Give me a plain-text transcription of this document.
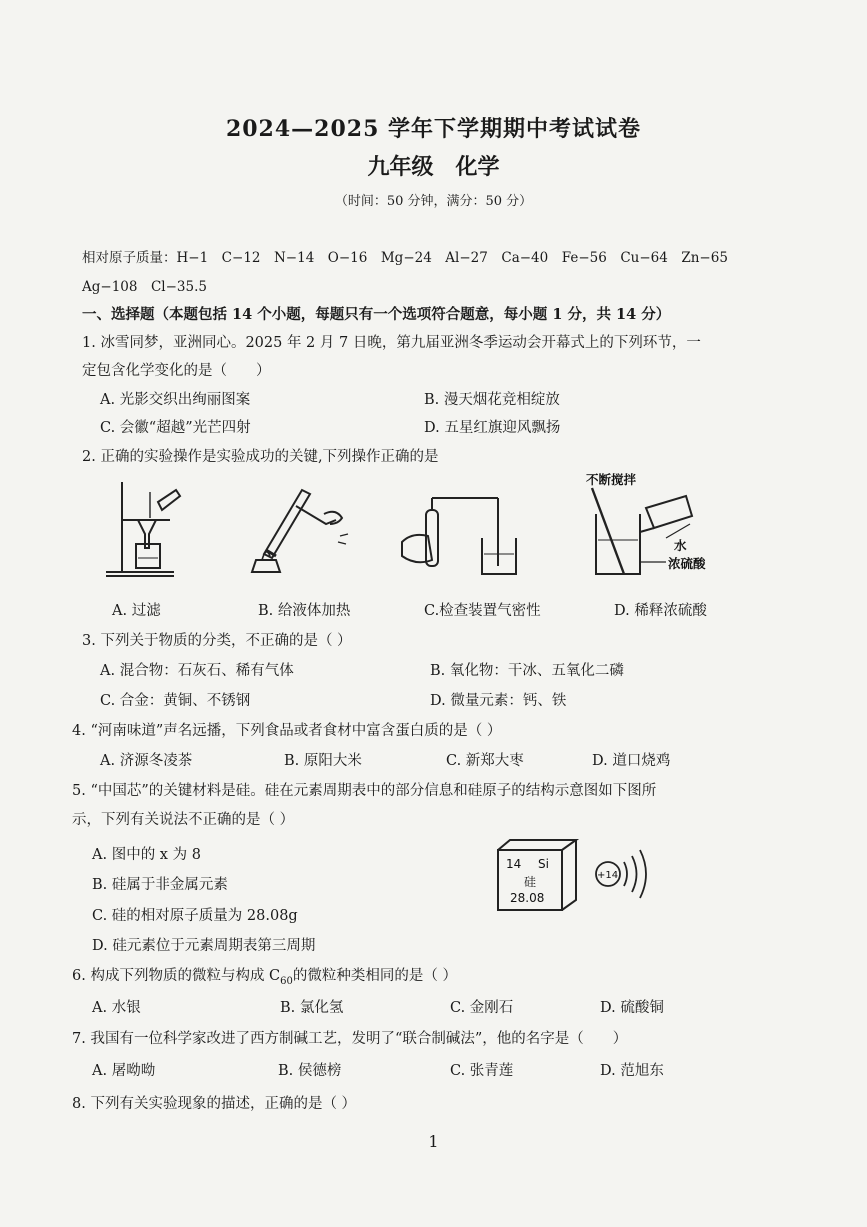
2024—2025 学年下学期期中考试试卷
九年级　化学
（时间：50 分钟，满分：50 分）
相对原子质量：H−1　C−12　N−14　O−16　Mg−24　Al−27　Ca−40　Fe−56　Cu−64　Zn−65
Ag−108　Cl−35.5
一、选择题（本题包括 14 个小题，每题只有一个选项符合题意，每小题 1 分，共 14 分）
1. 冰雪同梦，亚洲同心。2025 年 2 月 7 日晚，第九届亚洲冬季运动会开幕式上的下列环节，一
定包含化学变化的是（　　）
A. 光影交织出绚丽图案	B. 漫天烟花竞相绽放
C. 会徽“超越”光芒四射	D. 五星红旗迎风飘扬
2. 正确的实验操作是实验成功的关键,下列操作正确的是
不断搅拌
水
浓硫酸
A. 过滤	B. 给液体加热	C.检查装置气密性	D. 稀释浓硫酸
3. 下列关于物质的分类，不正确的是（ ）
A. 混合物：石灰石、稀有气体	B. 氧化物：干冰、五氧化二磷
C. 合金：黄铜、不锈钢	D. 微量元素：钙、铁
4. “河南味道”声名远播，下列食品或者食材中富含蛋白质的是（ ）
A. 济源冬凌茶	B. 原阳大米	C. 新郑大枣	D. 道口烧鸡
5. “中国芯”的关键材料是硅。硅在元素周期表中的部分信息和硅原子的结构示意图如下图所
示，下列有关说法不正确的是（ ）
A. 图中的 x 为 8
B. 硅属于非金属元素
C. 硅的相对原子质量为 28.08g
D. 硅元素位于元素周期表第三周期
14 Si
硅
28.08
+14
6. 构成下列物质的微粒与构成 $C_{60}$的微粒种类相同的是（ ）
A. 水银	B. 氯化氢	C. 金刚石	D. 硫酸铜
7. 我国有一位科学家改进了西方制碱工艺，发明了“联合制碱法”，他的名字是（　　）
A. 屠呦呦	B. 侯德榜	C. 张青莲	D. 范旭东
8. 下列有关实验现象的描述，正确的是（ ）
1
